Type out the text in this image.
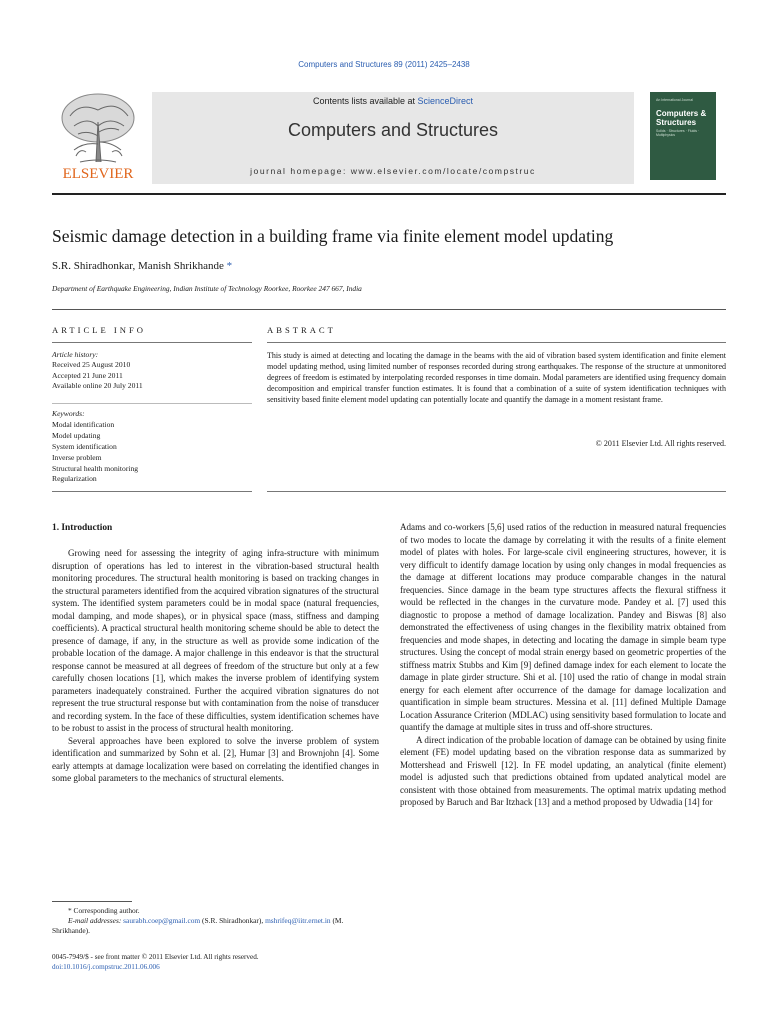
Computers and Structures 89 (2011) 2425–2438
ELSEVIER
Contents lists available at ScienceDirect
Computers and Structures
journal homepage: www.elsevier.com/locate/compstruc
An International Journal
Computers & Structures
Solids · Structures · Fluids · Multiphysics
Seismic damage detection in a building frame via finite element model updating
S.R. Shiradhonkar, Manish Shrikhande *
Department of Earthquake Engineering, Indian Institute of Technology Roorkee, Roorkee 247 667, India
ARTICLE INFO	ABSTRACT
Article history:
Received 25 August 2010
Accepted 21 June 2011
Available online 20 July 2011
Keywords:
Modal identification
Model updating
System identification
Inverse problem
Structural health monitoring
Regularization
This study is aimed at detecting and locating the damage in the beams with the aid of vibration based system identification and finite element model updating method, using limited number of responses recorded during strong earthquakes. The response of the structure at unmonitored degrees of freedom is estimated by interpolating recorded responses in time domain. Modal parameters are identified using frequency domain decomposition and empirical transfer function estimates. It is found that a combination of a suite of system identification techniques with sensitivity based finite element model updating can potentially locate and quantify the damage in a moment resistant frame.
© 2011 Elsevier Ltd. All rights reserved.
1. Introduction

Growing need for assessing the integrity of aging infra-structure with minimum disruption of operations has led to interest in the vibration-based structural health monitoring procedures. The structural health monitoring is based on tracking changes in the structural parameters identified from the acquired vibration signatures of the structural system. The identified system parameters could be in modal space (natural frequencies, modal damping, and mode shapes), or in physical space (mass, stiffness and damping coefficients). A practical structural health monitoring scheme should be able to detect the presence of damage, if any, in the structure as well as provide some indication of the probable location of the damage. A major challenge in this endeavor is that the structural response cannot be measured at all degrees of freedom of the structure but only at a few carefully chosen locations [1], which makes the inverse problem of identifying system parameters inadequately constrained. Further the acquired vibration signatures do not represent the true structural response but with contamination from the noise of transducer and recording system. In the face of these difficulties, system identification schemes have to be robust to assist in the process of structural health monitoring.

Several approaches have been explored to solve the inverse problem of system identification and summarized by Sohn et al. [2], Humar [3] and Brownjohn [4]. Some early attempts at damage localization were based on correlating the identified changes in some global parameters to the mechanics of structural elements.

Adams and co-workers [5,6] used ratios of the reduction in measured natural frequencies of two modes to locate the damage by correlating it with the results of a finite element model of plates with holes. For large-scale civil engineering structures, however, it is very difficult to identify damage location by using only changes in modal frequencies as the damage at different locations may produce comparable changes in the natural frequencies. Since damage in the beam type structures affects the flexural stiffness it would be reflected in the changes in the curvature mode. Pandey et al. [7] used this diagnostic to propose a method of damage localization. Pandey and Biswas [8] also demonstrated the effectiveness of using changes in the flexibility matrix obtained from frequencies and mode shapes, in detecting and locating the damage in simple beam type structures. Using the concept of modal strain energy based on geometric properties of the stiffness matrix Stubbs and Kim [9] defined damage index for each element to locate the damage in plate girder structure. Shi et al. [10] used the ratio of change in modal strain energy for each element after occurrence of the damage for damage localization and quantification in simple beam structures. Messina et al. [11] defined Multiple Damage Location Assurance Criterion (MDLAC) using sensitivity based formulation to locate and quantify the damage at multiple sites in truss and off-shore structures.

A direct indication of the probable location of damage can be obtained by using finite element (FE) model updating based on the vibration response data as summarized by Mottershead and Friswell [12]. In FE model updating, an analytical (finite element) model is adjusted such that predictions obtained from updated analytical model are consistent with those obtained from measurements. The optimal matrix updating method proposed by Baruch and Bar Itzhack [13] and a method proposed by Udwadia [14] for

* Corresponding author.

E-mail addresses: saurabh.coep@gmail.com (S.R. Shiradhonkar), mshrifeq@iitr.ernet.in (M. Shrikhande).

0045-7949/$ - see front matter © 2011 Elsevier Ltd. All rights reserved.
doi:10.1016/j.compstruc.2011.06.006
